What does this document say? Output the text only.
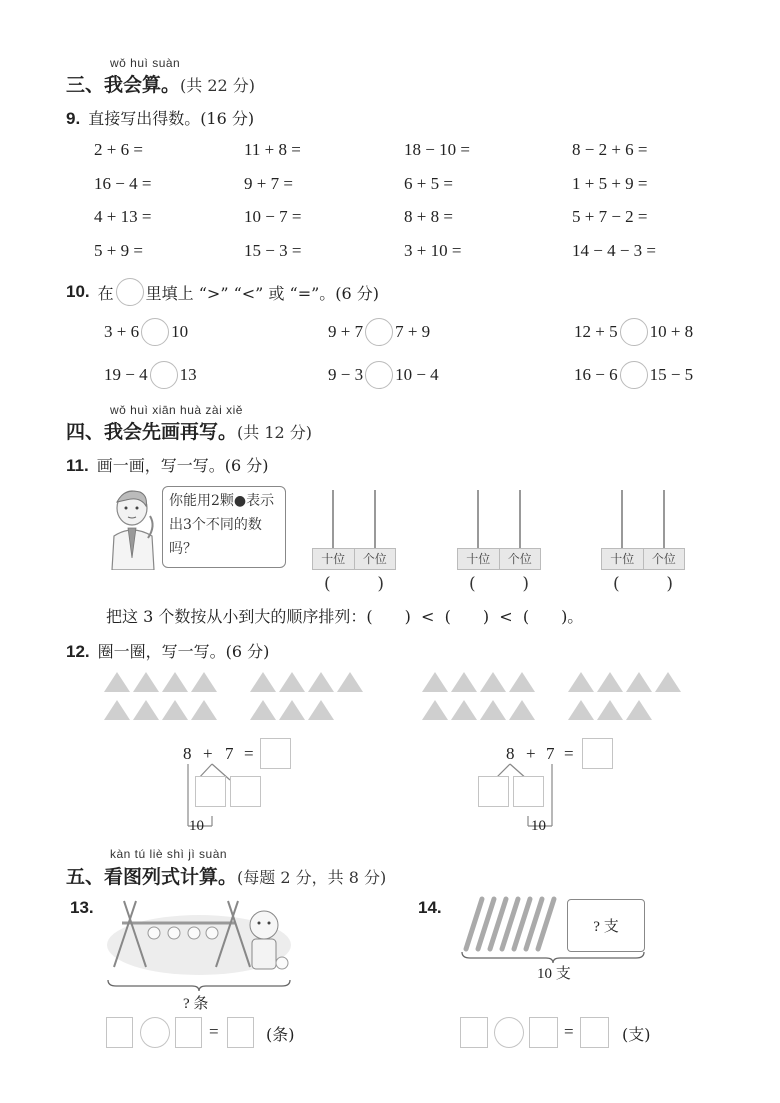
wǒ huì suàn
三、我会算。(共 22 分)
9. 直接写出得数。(16 分)
2 + 6 =	11 + 8 =	18 − 10 =	8 − 2 + 6 =
16 − 4 =	9 + 7 =	6 + 5 =	1 + 5 + 9 =
4 + 13 =	10 − 7 =	8 + 8 =	5 + 7 − 2 =
5 + 9 =	15 − 3 =	3 + 10 =	14 − 4 − 3 =
10. 在 里填上 “>” “<” 或 “=”。(6 分)
3 + 6 10	9 + 7 7 + 9	12 + 5 10 + 8
19 − 4 13	9 − 3 10 − 4	16 − 6 15 − 5
wǒ huì xiān huà zài xiě
四、我会先画再写。(共 12 分)
11. 画一画，写一写。(6 分)
你能用2颗●表示出3个不同的数吗？
十位	个位
(	)
十位	个位
(	)
十位	个位
(	)
把这 3 个数按从小到大的顺序排列：(　　)  <  (　　)  <  (　　)。
12. 圈一圈，写一写。(6 分)
8 + 7 =
10
8 + 7 =
10
kàn tú liè shì jì suàn
五、看图列式计算。(每题 2 分，共 8 分)
13.
? 条
=	(条)
14.
? 支
10 支
=	(支)
